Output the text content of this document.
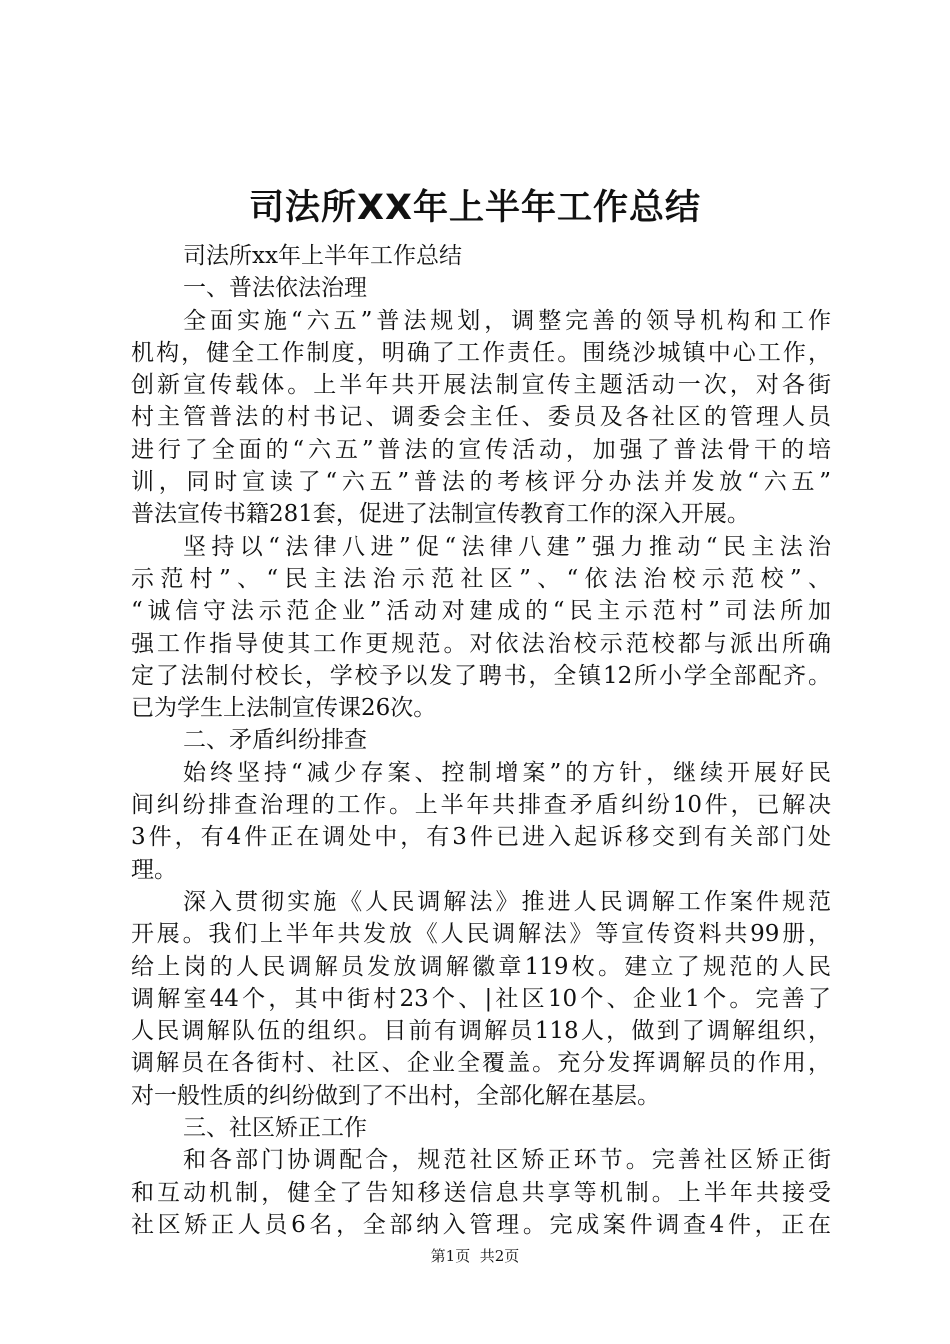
司法所XX年上半年工作总结
司法所xx年上半年工作总结
一、普法依法治理
全面实施“六五”普法规划，调整完善的领导机构和工作
机构，健全工作制度，明确了工作责任。围绕沙城镇中心工作，
创新宣传载体。上半年共开展法制宣传主题活动一次，对各街
村主管普法的村书记、调委会主任、委员及各社区的管理人员
进行了全面的“六五”普法的宣传活动，加强了普法骨干的培
训，同时宣读了“六五”普法的考核评分办法并发放“六五”
普法宣传书籍281套，促进了法制宣传教育工作的深入开展。
坚持以“法律八进”促“法律八建”强力推动“民主法治
示范村”、“民主法治示范社区”、“依法治校示范校”、
“诚信守法示范企业”活动对建成的“民主示范村”司法所加
强工作指导使其工作更规范。对依法治校示范校都与派出所确
定了法制付校长，学校予以发了聘书，全镇12所小学全部配齐。
已为学生上法制宣传课26次。
二、矛盾纠纷排查
始终坚持“减少存案、控制增案”的方针，继续开展好民
间纠纷排查治理的工作。上半年共排查矛盾纠纷10件，已解决
3件，有4件正在调处中，有3件已进入起诉移交到有关部门处
理。
深入贯彻实施《人民调解法》推进人民调解工作案件规范
开展。我们上半年共发放《人民调解法》等宣传资料共99册，
给上岗的人民调解员发放调解徽章119枚。建立了规范的人民
调解室44个，其中街村23个、|社区10个、企业1个。完善了
人民调解队伍的组织。目前有调解员118人，做到了调解组织，
调解员在各街村、社区、企业全覆盖。充分发挥调解员的作用，
对一般性质的纠纷做到了不出村，全部化解在基层。
三、社区矫正工作
和各部门协调配合，规范社区矫正环节。完善社区矫正街
和互动机制，健全了告知移送信息共享等机制。上半年共接受
社区矫正人员6名，全部纳入管理。完成案件调查4件，正在
第1页 共2页
